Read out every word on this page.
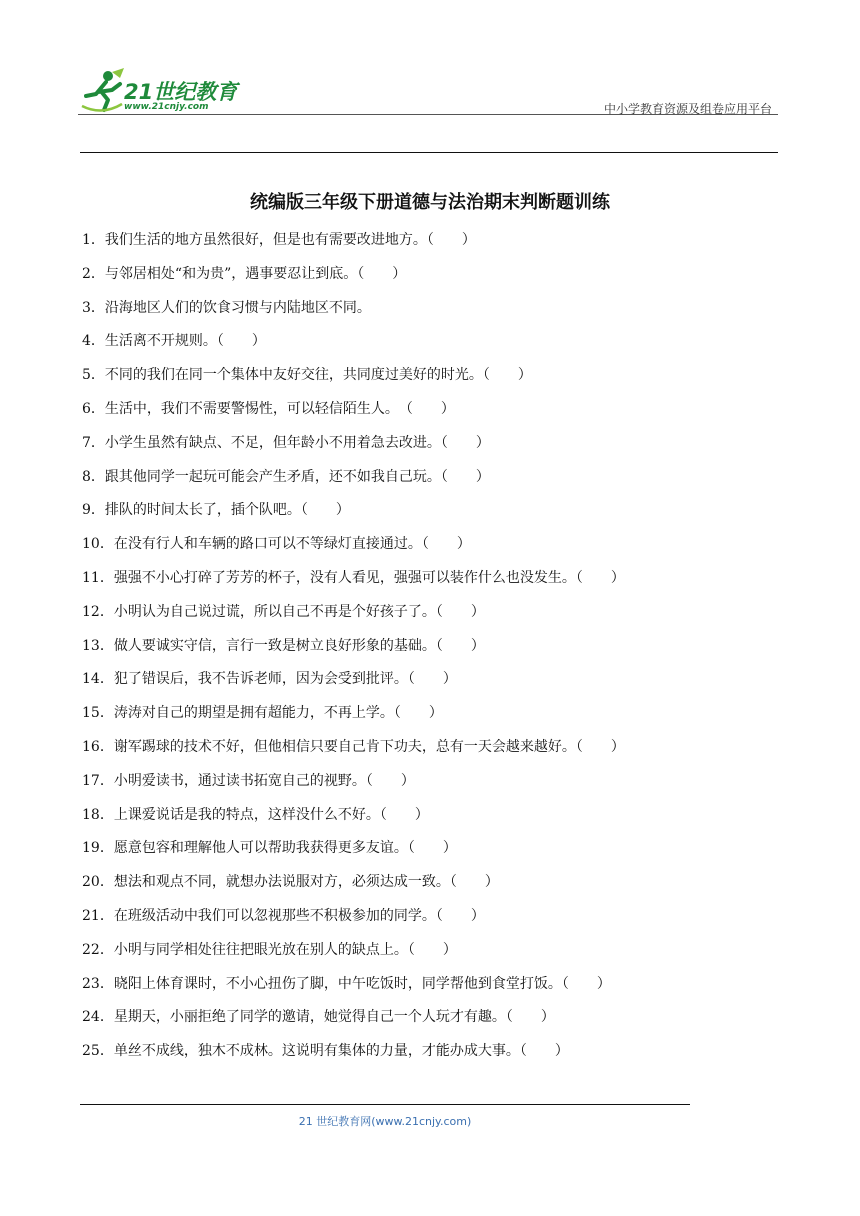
21世纪教育
www.21cnjy.com	中小学教育资源及组卷应用平台
统编版三年级下册道德与法治期末判断题训练
1．我们生活的地方虽然很好，但是也有需要改进地方。（　　）
2．与邻居相处“和为贵”，遇事要忍让到底。（　　）
3．沿海地区人们的饮食习惯与内陆地区不同。
4．生活离不开规则。（　　）
5．不同的我们在同一个集体中友好交往，共同度过美好的时光。（　　）
6．生活中，我们不需要警惕性，可以轻信陌生人。　（　　）
7．小学生虽然有缺点、不足，但年龄小不用着急去改进。（　　）
8．跟其他同学一起玩可能会产生矛盾，还不如我自己玩。（　　）
9．排队的时间太长了，插个队吧。（　　）
10．在没有行人和车辆的路口可以不等绿灯直接通过。（　　）
11．强强不小心打碎了芳芳的杯子，没有人看见，强强可以装作什么也没发生。（　　）
12．小明认为自己说过谎，所以自己不再是个好孩子了。（　　）
13．做人要诚实守信，言行一致是树立良好形象的基础。（　　）
14．犯了错误后，我不告诉老师，因为会受到批评。（　　）
15．涛涛对自己的期望是拥有超能力，不再上学。（　　）
16．谢军踢球的技术不好，但他相信只要自己肯下功夫，总有一天会越来越好。（　　）
17．小明爱读书，通过读书拓宽自己的视野。（　　）
18．上课爱说话是我的特点，这样没什么不好。（　　）
19．愿意包容和理解他人可以帮助我获得更多友谊。（　　）
20．想法和观点不同，就想办法说服对方，必须达成一致。（　　）
21．在班级活动中我们可以忽视那些不积极参加的同学。（　　）
22．小明与同学相处往往把眼光放在别人的缺点上。（　　）
23．晓阳上体育课时，不小心扭伤了脚，中午吃饭时，同学帮他到食堂打饭。（　　）
24．星期天，小丽拒绝了同学的邀请，她觉得自己一个人玩才有趣。（　　）
25．单丝不成线，独木不成林。这说明有集体的力量，才能办成大事。（　　）
21 世纪教育网(www.21cnjy.com)
